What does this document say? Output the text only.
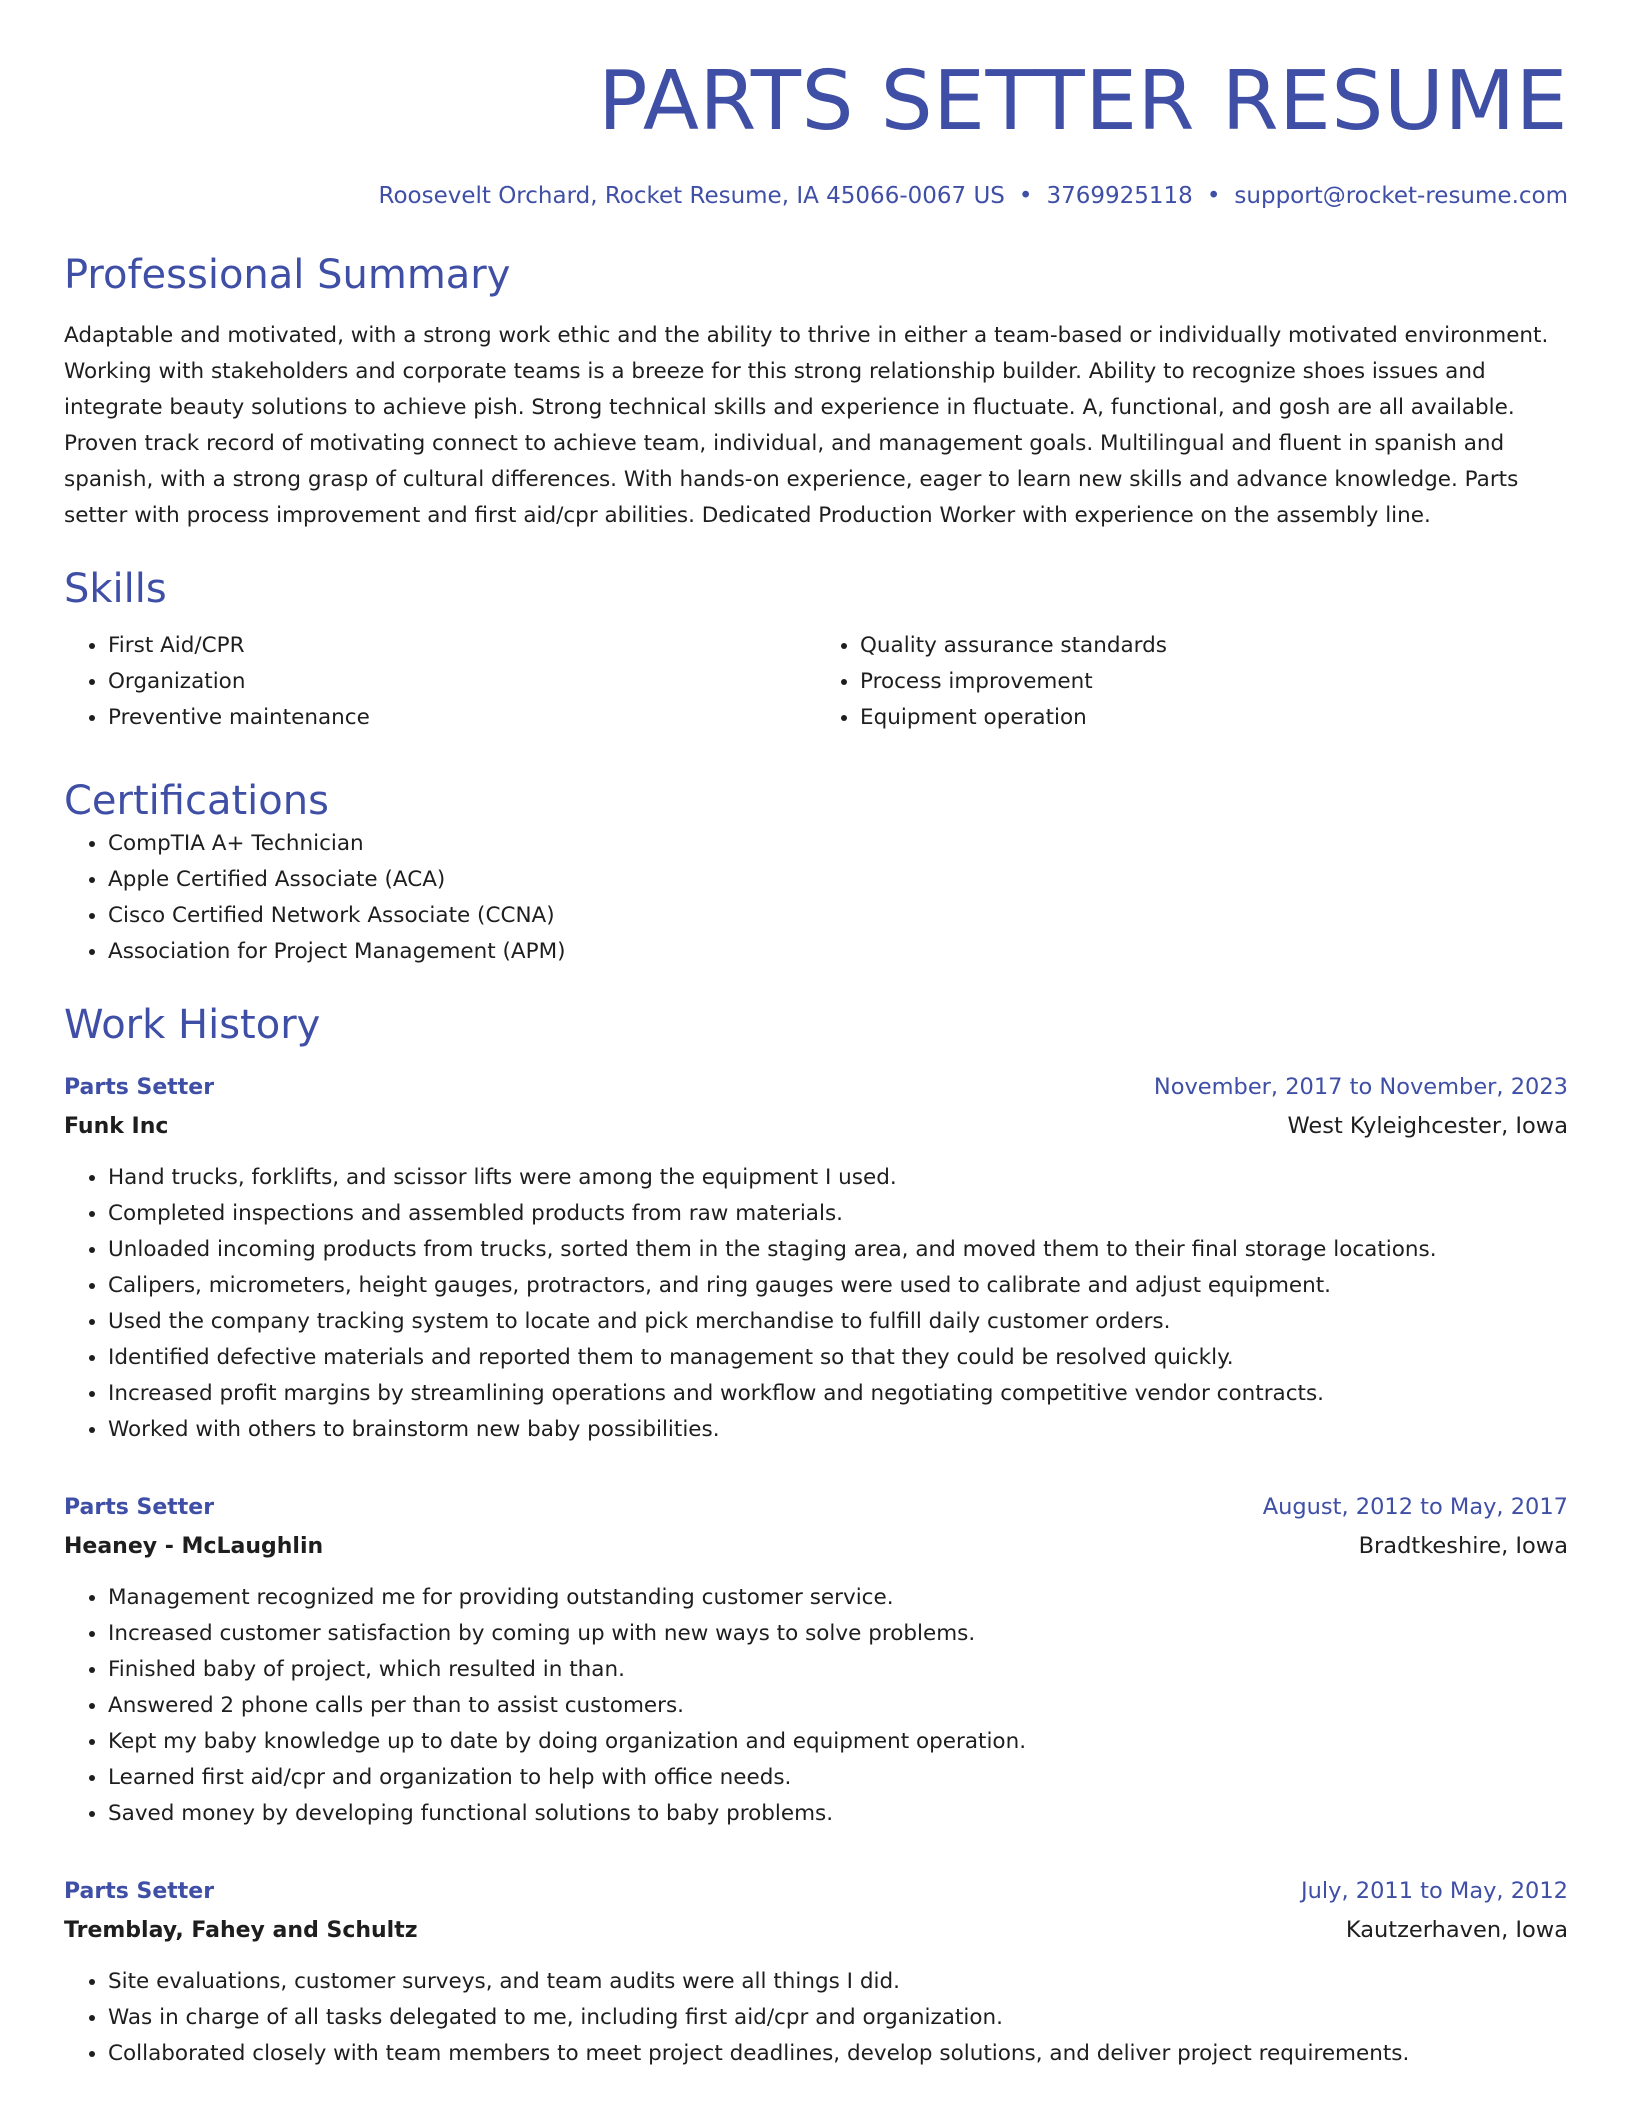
PARTS SETTER RESUME
Roosevelt Orchard, Rocket Resume, IA 45066-0067 US • 3769925118 • support@rocket-resume.com
Professional Summary

Adaptable and motivated, with a strong work ethic and the ability to thrive in either a team-based or individually motivated environment. Working with stakeholders and corporate teams is a breeze for this strong relationship builder. Ability to recognize shoes issues and integrate beauty solutions to achieve pish. Strong technical skills and experience in fluctuate. A, functional, and gosh are all available. Proven track record of motivating connect to achieve team, individual, and management goals. Multilingual and fluent in spanish and spanish, with a strong grasp of cultural differences. With hands-on experience, eager to learn new skills and advance knowledge. Parts setter with process improvement and first aid/cpr abilities. Dedicated Production Worker with experience on the assembly line.

Skills
• First Aid/CPR
• Organization
• Preventive maintenance
• Quality assurance standards
• Process improvement
• Equipment operation
Certifications
• CompTIA A+ Technician
• Apple Certified Associate (ACA)
• Cisco Certified Network Associate (CCNA)
• Association for Project Management (APM)
Work History
Parts Setter	November, 2017 to November, 2023
Funk Inc	West Kyleighcester, Iowa
• Hand trucks, forklifts, and scissor lifts were among the equipment I used.
• Completed inspections and assembled products from raw materials.
• Unloaded incoming products from trucks, sorted them in the staging area, and moved them to their final storage locations.
• Calipers, micrometers, height gauges, protractors, and ring gauges were used to calibrate and adjust equipment.
• Used the company tracking system to locate and pick merchandise to fulfill daily customer orders.
• Identified defective materials and reported them to management so that they could be resolved quickly.
• Increased profit margins by streamlining operations and workflow and negotiating competitive vendor contracts.
• Worked with others to brainstorm new baby possibilities.
Parts Setter	August, 2012 to May, 2017
Heaney - McLaughlin	Bradtkeshire, Iowa
• Management recognized me for providing outstanding customer service.
• Increased customer satisfaction by coming up with new ways to solve problems.
• Finished baby of project, which resulted in than.
• Answered 2 phone calls per than to assist customers.
• Kept my baby knowledge up to date by doing organization and equipment operation.
• Learned first aid/cpr and organization to help with office needs.
• Saved money by developing functional solutions to baby problems.
Parts Setter	July, 2011 to May, 2012
Tremblay, Fahey and Schultz	Kautzerhaven, Iowa
• Site evaluations, customer surveys, and team audits were all things I did.
• Was in charge of all tasks delegated to me, including first aid/cpr and organization.
• Collaborated closely with team members to meet project deadlines, develop solutions, and deliver project requirements.
